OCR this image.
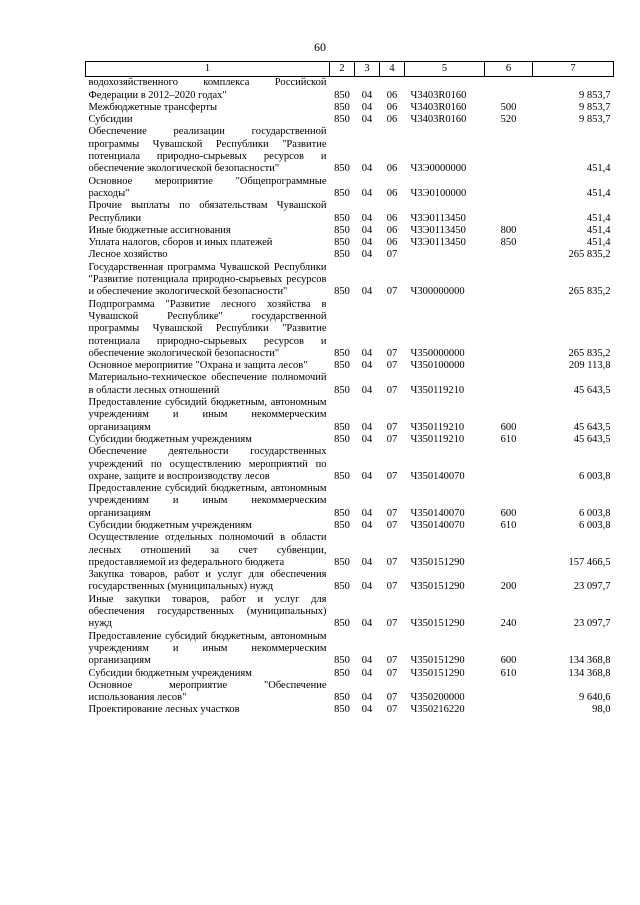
60
1	2	3	4	5	6	7
водохозяйственного комплекса Российской Федерации в 2012–2020 годах"	850	04	06	Ч3403R0160		9 853,7
Межбюджетные трансферты	850	04	06	Ч3403R0160	500	9 853,7
Субсидии	850	04	06	Ч3403R0160	520	9 853,7
Обеспечение реализации государственной программы Чувашской Республики "Развитие потенциала природно-сырьевых ресурсов и обеспечение экологической безопасности"	850	04	06	Ч3Э0000000		451,4
Основное мероприятие "Общепрограммные расходы"	850	04	06	Ч3Э0100000		451,4
Прочие выплаты по обязательствам Чувашской Республики	850	04	06	Ч3Э0113450		451,4
Иные бюджетные ассигнования	850	04	06	Ч3Э0113450	800	451,4
Уплата налогов, сборов и иных платежей	850	04	06	Ч3Э0113450	850	451,4
Лесное хозяйство	850	04	07			265 835,2
Государственная программа Чувашской Республики "Развитие потенциала природно-сырьевых ресурсов и обеспечение экологической безопасности"	850	04	07	Ч300000000		265 835,2
Подпрограмма "Развитие лесного хозяйства в Чувашской Республике" государственной программы Чувашской Республики "Развитие потенциала природно-сырьевых ресурсов и обеспечение экологической безопасности"	850	04	07	Ч350000000		265 835,2
Основное мероприятие "Охрана и защита лесов"	850	04	07	Ч350100000		209 113,8
Материально-техническое обеспечение полномочий в области лесных отношений	850	04	07	Ч350119210		45 643,5
Предоставление субсидий бюджетным, автономным учреждениям и иным некоммерческим организациям	850	04	07	Ч350119210	600	45 643,5
Субсидии бюджетным учреждениям	850	04	07	Ч350119210	610	45 643,5
Обеспечение деятельности государственных учреждений по осуществлению мероприятий по охране, защите и воспроизводству лесов	850	04	07	Ч350140070		6 003,8
Предоставление субсидий бюджетным, автономным учреждениям и иным некоммерческим организациям	850	04	07	Ч350140070	600	6 003,8
Субсидии бюджетным учреждениям	850	04	07	Ч350140070	610	6 003,8
Осуществление отдельных полномочий в области лесных отношений за счет субвенции, предоставляемой из федерального бюджета	850	04	07	Ч350151290		157 466,5
Закупка товаров, работ и услуг для обеспечения государственных (муниципальных) нужд	850	04	07	Ч350151290	200	23 097,7
Иные закупки товаров, работ и услуг для обеспечения государственных (муниципальных) нужд	850	04	07	Ч350151290	240	23 097,7
Предоставление субсидий бюджетным, автономным учреждениям и иным некоммерческим организациям	850	04	07	Ч350151290	600	134 368,8
Субсидии бюджетным учреждениям	850	04	07	Ч350151290	610	134 368,8
Основное мероприятие "Обеспечение использования лесов"	850	04	07	Ч350200000		9 640,6
Проектирование лесных участков	850	04	07	Ч350216220		98,0
